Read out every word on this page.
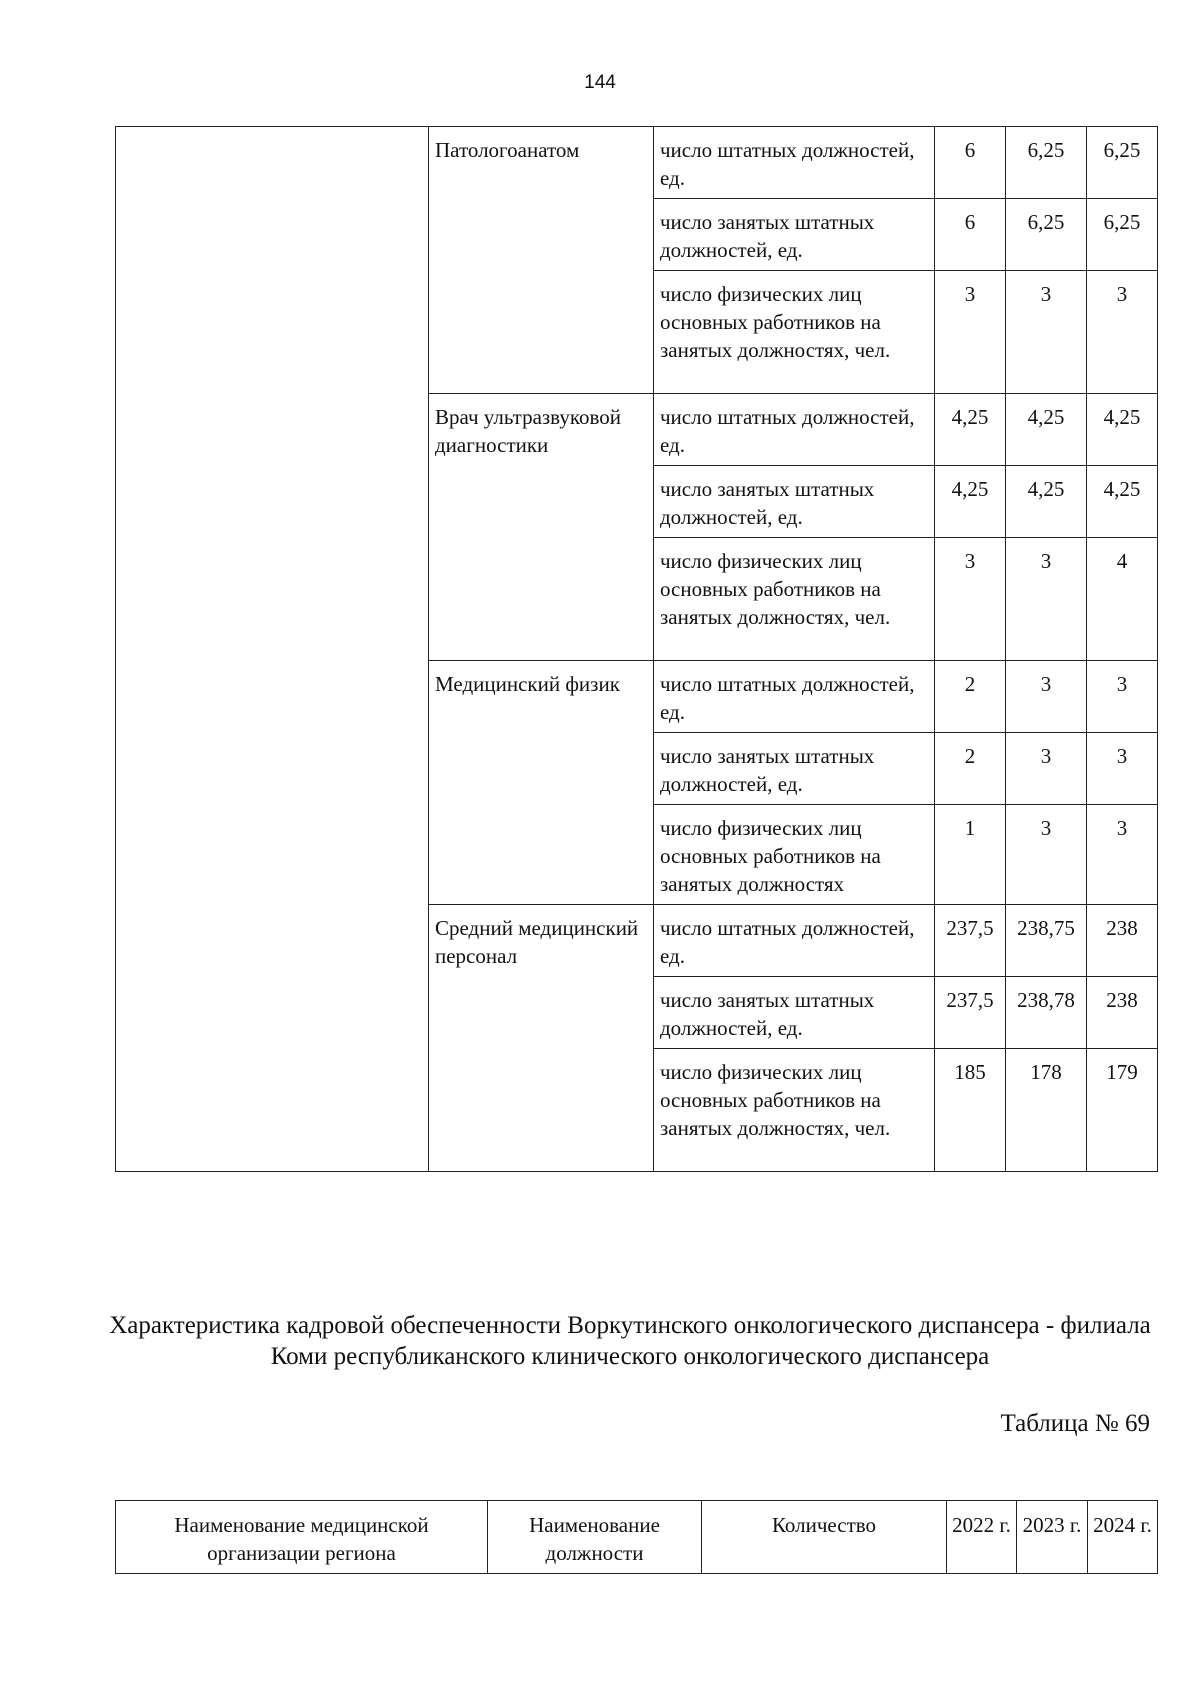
144
	Патологоанатом	число штатных должностей, ед.	6	6,25	6,25
		число занятых штатных должностей, ед.	6	6,25	6,25
		число физических лиц основных работников на занятых должностях, чел.	3	3	3
	Врач ультразвуковой диагностики	число штатных должностей, ед.	4,25	4,25	4,25
		число занятых штатных должностей, ед.	4,25	4,25	4,25
		число физических лиц основных работников на занятых должностях, чел.	3	3	4
	Медицинский физик	число штатных должностей, ед.	2	3	3
		число занятых штатных должностей, ед.	2	3	3
		число физических лиц основных работников на занятых должностях	1	3	3
	Средний медицинский персонал	число штатных должностей, ед.	237,5	238,75	238
		число занятых штатных должностей, ед.	237,5	238,78	238
		число физических лиц основных работников на занятых должностях, чел.	185	178	179
Характеристика кадровой обеспеченности Воркутинского онкологического диспансера - филиала Коми республиканского клинического онкологического диспансера
Таблица № 69
Наименование медицинской организации региона	Наименование должности	Количество	2022 г.	2023 г.	2024 г.
